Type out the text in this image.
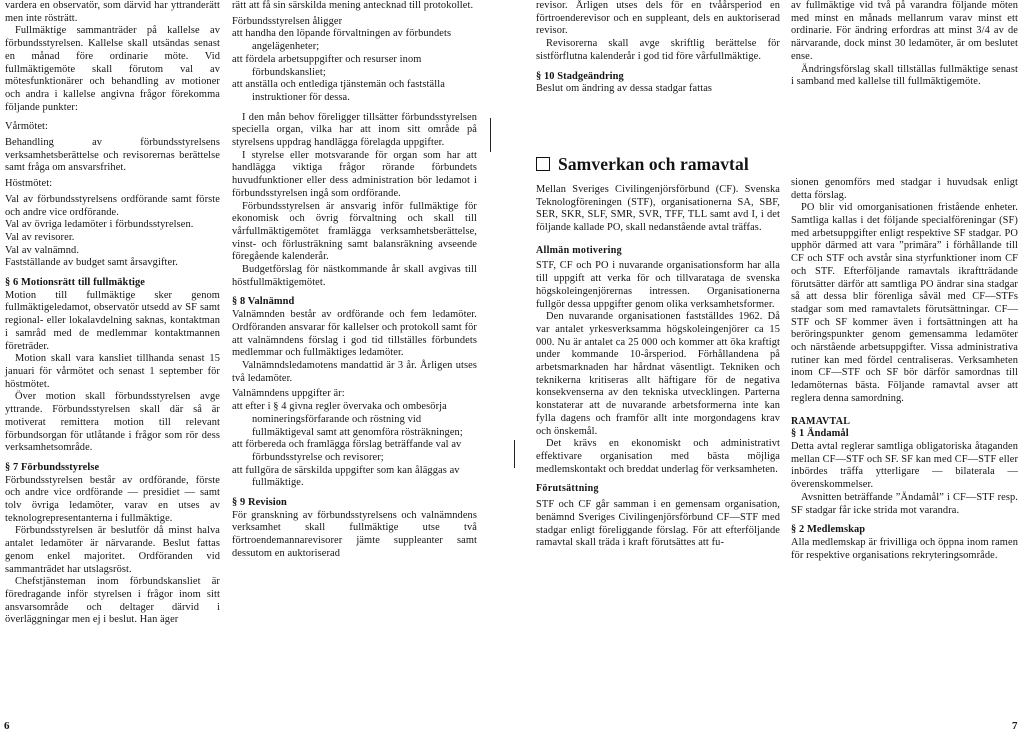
vardera en observatör, som därvid har yttranderätt men inte rösträtt.

Fullmäktige sammanträder på kallelse av förbundsstyrelsen. Kallelse skall utsändas senast en månad före ordinarie möte. Vid fullmäktigemöte skall förutom val av mötesfunktionärer och behandling av motioner och andra i kallelse angivna frågor förekomma följande punkter:

Vårmötet:

Behandling av förbundsstyrelsens verksamhetsberättelse och revisorernas berättelse samt fråga om ansvarsfrihet.

Höstmötet:

Val av förbundsstyrelsens ordförande samt förste och andre vice ordförande.

Val av övriga ledamöter i förbundsstyrelsen.

Val av revisorer.

Val av valnämnd.

Fastställande av budget samt årsavgifter.

§ 6 Motionsrätt till fullmäktige

Motion till fullmäktige sker genom fullmäktigeledamot, observatör utsedd av SF samt regional- eller lokalavdelning saknas, kontaktman i samråd med de medlemmar kontaktmannen företräder.

Motion skall vara kansliet tillhanda senast 15 januari för vårmötet och senast 1 september för höstmötet.

Över motion skall förbundsstyrelsen avge yttrande. Förbundsstyrelsen skall där så är motiverat remittera motion till relevant förbundsorgan för utlåtande i frågor som rör dess verksamhetsområde.

§ 7 Förbundsstyrelse

Förbundsstyrelsen består av ordförande, förste och andre vice ordförande — presidiet — samt tolv övriga ledamöter, varav en utses av teknologrepresentanterna i fullmäktige.

Förbundsstyrelsen är beslutför då minst halva antalet ledamöter är närvarande. Beslut fattas genom enkel majoritet. Ordföranden vid sammanträdet har utslagsröst.

Chefstjänsteman inom förbundskansliet är föredragande inför styrelsen i frågor inom sitt ansvarsområde och deltager därvid i överläggningar men ej i beslut. Han äger

rätt att få sin särskilda mening antecknad till protokollet.

Förbundsstyrelsen åligger

att handha den löpande förvaltningen av förbundets angelägenheter;

att fördela arbetsuppgifter och resurser inom förbundskansliet;

att anställa och entlediga tjänstemän och fastställa instruktioner för dessa.

I den mån behov föreligger tillsätter förbundsstyrelsen speciella organ, vilka har att inom sitt område på styrelsens uppdrag handlägga förelagda uppgifter.

I styrelse eller motsvarande för organ som har att handlägga viktiga frågor rörande förbundets huvudfunktioner eller dess administration bör ledamot i förbundsstyrelsen ingå som ordförande.

Förbundsstyrelsen är ansvarig inför fullmäktige för ekonomisk och övrig förvaltning och skall till vårfullmäktigemötet framlägga verksamhetsberättelse, vinst- och förlusträkning samt balansräkning avseende föregående kalenderår.

Budgetförslag för nästkommande år skall avgivas till höstfullmäktigemötet.

§ 8 Valnämnd

Valnämnden består av ordförande och fem ledamöter. Ordföranden ansvarar för kallelser och protokoll samt för att valnämndens förslag i god tid tillställes förbundets medlemmar och fullmäktiges ledamöter.

Valnämndsledamotens mandattid är 3 år. Årligen utses två ledamöter.

Valnämndens uppgifter är:

att efter i § 4 givna regler övervaka och ombesörja nomineringsförfarande och röstning vid fullmäktigeval samt att genomföra rösträkningen;

att förbereda och framlägga förslag beträffande val av förbundsstyrelse och revisorer;

att fullgöra de särskilda uppgifter som kan åläggas av fullmäktige.

§ 9 Revision

För granskning av förbundsstyrelsens och valnämndens verksamhet skall fullmäktige utse två förtroendemannarevisorer jämte suppleanter samt dessutom en auktoriserad

revisor. Årligen utses dels för en tvåårsperiod en förtroenderevisor och en suppleant, dels en auktoriserad revisor.

Revisorerna skall avge skriftlig berättelse för sistförflutna kalenderår i god tid före vårfullmäktige.

§ 10 Stadgeändring

Beslut om ändring av dessa stadgar fattas

Samverkan och ramavtal

Mellan Sveriges Civilingenjörsförbund (CF). Svenska Teknologföreningen (STF), organisationerna SA, SBF, SER, SKR, SLF, SMR, SVR, TFF, TLL samt avd I, i det följande kallade PO, skall nedanstående avtal träffas.

Allmän motivering

STF, CF och PO i nuvarande organisationsform har alla till uppgift att verka för och tillvarataga de svenska högskoleingenjörernas intressen. Organisationerna fullgör dessa uppgifter genom olika verksamhetsformer.

Den nuvarande organisationen fastställdes 1962. Då var antalet yrkesverksamma högskoleingenjörer ca 15 000. Nu är antalet ca 25 000 och kommer att öka kraftigt under kommande 10-årsperiod. Förhållandena på arbetsmarknaden har hårdnat väsentligt. Tekniken och teknikerna kritiseras allt häftigare för de negativa konsekvenserna av den tekniska utvecklingen. Parterna konstaterar att de nuvarande arbetsformerna inte kan fylla dagens och framför allt inte morgondagens krav och önskemål.

Det krävs en ekonomiskt och administrativt effektivare organisation med bästa möjliga medlemskontakt och breddat underlag för verksamheten.

Förutsättning

STF och CF går samman i en gemensam organisation, benämnd Sveriges Civilingenjörsförbund CF—STF med stadgar enligt föreliggande förslag. För att efterföljande ramavtal skall träda i kraft förutsättes att fu-

av fullmäktige vid två på varandra följande möten med minst en månads mellanrum varav minst ett ordinarie. För ändring erfordras att minst 3/4 av de närvarande, dock minst 30 ledamöter, är om beslutet ense.

Ändringsförslag skall tillställas fullmäktige senast i samband med kallelse till fullmäktigemöte.

sionen genomförs med stadgar i huvudsak enligt detta förslag.

PO blir vid omorganisationen fristående enheter. Samtliga kallas i det följande specialföreningar (SF) med arbetsuppgifter enligt respektive SF stadgar. PO upphör därmed att vara ”primära” i förhållande till CF och STF och avstår sina styrfunktioner inom CF och STF. Efterföljande ramavtals ikraftträdande förutsätter därför att samtliga PO ändrar sina stadgar så att dessa blir förenliga såväl med CF—STFs stadgar som med ramavtalets förutsättningar. CF—STF och SF kommer även i fortsättningen att ha beröringspunkter genom gemensamma ledamöter och närstående arbetsuppgifter. Vissa administrativa rutiner kan med fördel centraliseras. Verksamheten inom CF—STF och SF bör därför samordnas till ledamöternas bästa. Följande ramavtal avser att reglera denna samordning.

RAMAVTAL

§ 1 Ändamål

Detta avtal reglerar samtliga obligatoriska åtaganden mellan CF—STF och SF. SF kan med CF—STF eller inbördes träffa ytterligare — bilaterala — överenskommelser.

Avsnitten beträffande ”Ändamål” i CF—STF resp. SF stadgar får icke strida mot varandra.

§ 2 Medlemskap

Alla medlemskap är frivilliga och öppna inom ramen för respektive organisations rekryteringsområde.

6	7
